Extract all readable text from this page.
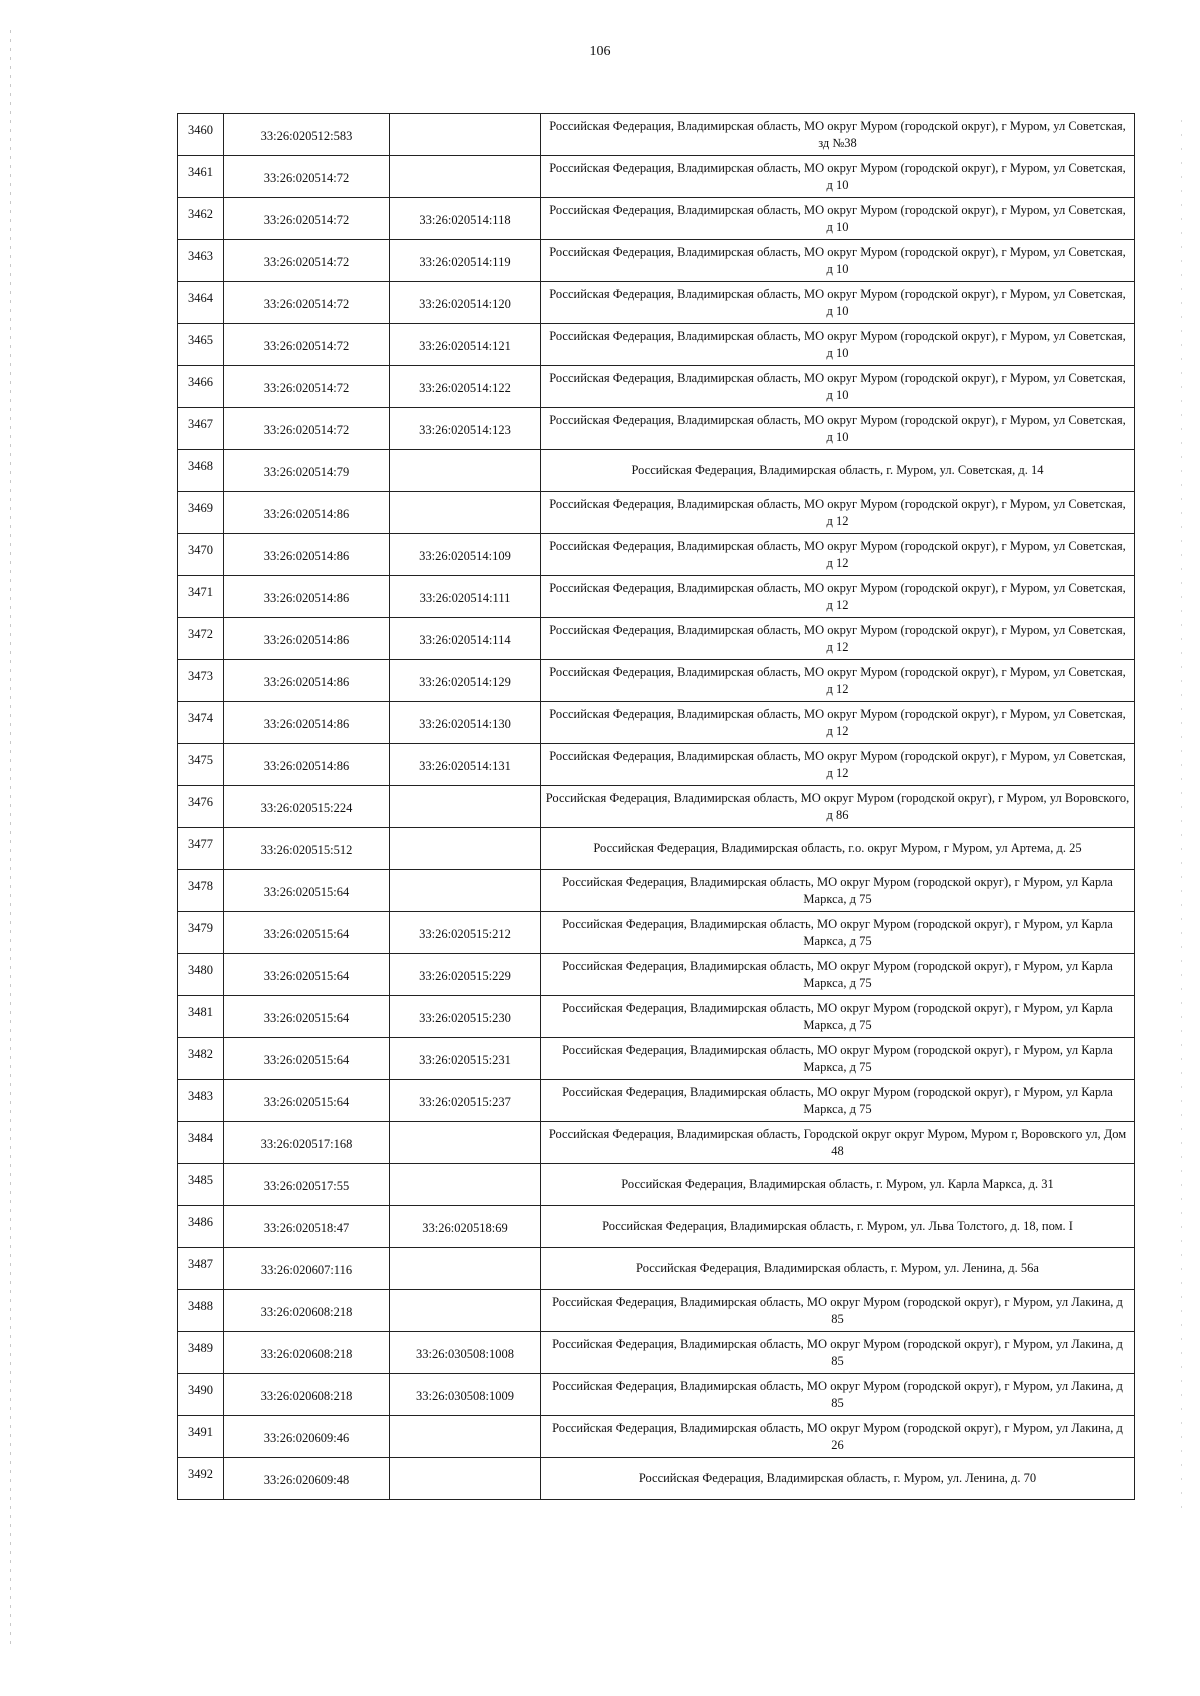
106
3460	33:26:020512:583		Российская Федерация, Владимирская область, МО округ Муром (городской округ), г Муром, ул Советская, зд №38
3461	33:26:020514:72		Российская Федерация, Владимирская область, МО округ Муром (городской округ), г Муром, ул Советская, д 10
3462	33:26:020514:72	33:26:020514:118	Российская Федерация, Владимирская область, МО округ Муром (городской округ), г Муром, ул Советская, д 10
3463	33:26:020514:72	33:26:020514:119	Российская Федерация, Владимирская область, МО округ Муром (городской округ), г Муром, ул Советская, д 10
3464	33:26:020514:72	33:26:020514:120	Российская Федерация, Владимирская область, МО округ Муром (городской округ), г Муром, ул Советская, д 10
3465	33:26:020514:72	33:26:020514:121	Российская Федерация, Владимирская область, МО округ Муром (городской округ), г Муром, ул Советская, д 10
3466	33:26:020514:72	33:26:020514:122	Российская Федерация, Владимирская область, МО округ Муром (городской округ), г Муром, ул Советская, д 10
3467	33:26:020514:72	33:26:020514:123	Российская Федерация, Владимирская область, МО округ Муром (городской округ), г Муром, ул Советская, д 10
3468	33:26:020514:79		Российская Федерация, Владимирская область, г. Муром, ул. Советская, д. 14
3469	33:26:020514:86		Российская Федерация, Владимирская область, МО округ Муром (городской округ), г Муром, ул Советская, д 12
3470	33:26:020514:86	33:26:020514:109	Российская Федерация, Владимирская область, МО округ Муром (городской округ), г Муром, ул Советская, д 12
3471	33:26:020514:86	33:26:020514:111	Российская Федерация, Владимирская область, МО округ Муром (городской округ), г Муром, ул Советская, д 12
3472	33:26:020514:86	33:26:020514:114	Российская Федерация, Владимирская область, МО округ Муром (городской округ), г Муром, ул Советская, д 12
3473	33:26:020514:86	33:26:020514:129	Российская Федерация, Владимирская область, МО округ Муром (городской округ), г Муром, ул Советская, д 12
3474	33:26:020514:86	33:26:020514:130	Российская Федерация, Владимирская область, МО округ Муром (городской округ), г Муром, ул Советская, д 12
3475	33:26:020514:86	33:26:020514:131	Российская Федерация, Владимирская область, МО округ Муром (городской округ), г Муром, ул Советская, д 12
3476	33:26:020515:224		Российская Федерация, Владимирская область, МО округ Муром (городской округ), г Муром, ул Воровского, д 86
3477	33:26:020515:512		Российская Федерация, Владимирская область, г.о. округ Муром, г Муром, ул Артема, д. 25
3478	33:26:020515:64		Российская Федерация, Владимирская область, МО округ Муром (городской округ), г Муром, ул Карла Маркса, д 75
3479	33:26:020515:64	33:26:020515:212	Российская Федерация, Владимирская область, МО округ Муром (городской округ), г Муром, ул Карла Маркса, д 75
3480	33:26:020515:64	33:26:020515:229	Российская Федерация, Владимирская область, МО округ Муром (городской округ), г Муром, ул Карла Маркса, д 75
3481	33:26:020515:64	33:26:020515:230	Российская Федерация, Владимирская область, МО округ Муром (городской округ), г Муром, ул Карла Маркса, д 75
3482	33:26:020515:64	33:26:020515:231	Российская Федерация, Владимирская область, МО округ Муром (городской округ), г Муром, ул Карла Маркса, д 75
3483	33:26:020515:64	33:26:020515:237	Российская Федерация, Владимирская область, МО округ Муром (городской округ), г Муром, ул Карла Маркса, д 75
3484	33:26:020517:168		Российская Федерация, Владимирская область, Городской округ округ Муром, Муром г, Воровского ул, Дом 48
3485	33:26:020517:55		Российская Федерация, Владимирская область, г. Муром, ул. Карла Маркса, д. 31
3486	33:26:020518:47	33:26:020518:69	Российская Федерация, Владимирская область, г. Муром, ул. Льва Толстого, д. 18, пом. I
3487	33:26:020607:116		Российская Федерация, Владимирская область, г. Муром, ул. Ленина, д. 56а
3488	33:26:020608:218		Российская Федерация, Владимирская область, МО округ Муром (городской округ), г Муром, ул Лакина, д 85
3489	33:26:020608:218	33:26:030508:1008	Российская Федерация, Владимирская область, МО округ Муром (городской округ), г Муром, ул Лакина, д 85
3490	33:26:020608:218	33:26:030508:1009	Российская Федерация, Владимирская область, МО округ Муром (городской округ), г Муром, ул Лакина, д 85
3491	33:26:020609:46		Российская Федерация, Владимирская область, МО округ Муром (городской округ), г Муром, ул Лакина, д 26
3492	33:26:020609:48		Российская Федерация, Владимирская область, г. Муром, ул. Ленина, д. 70
